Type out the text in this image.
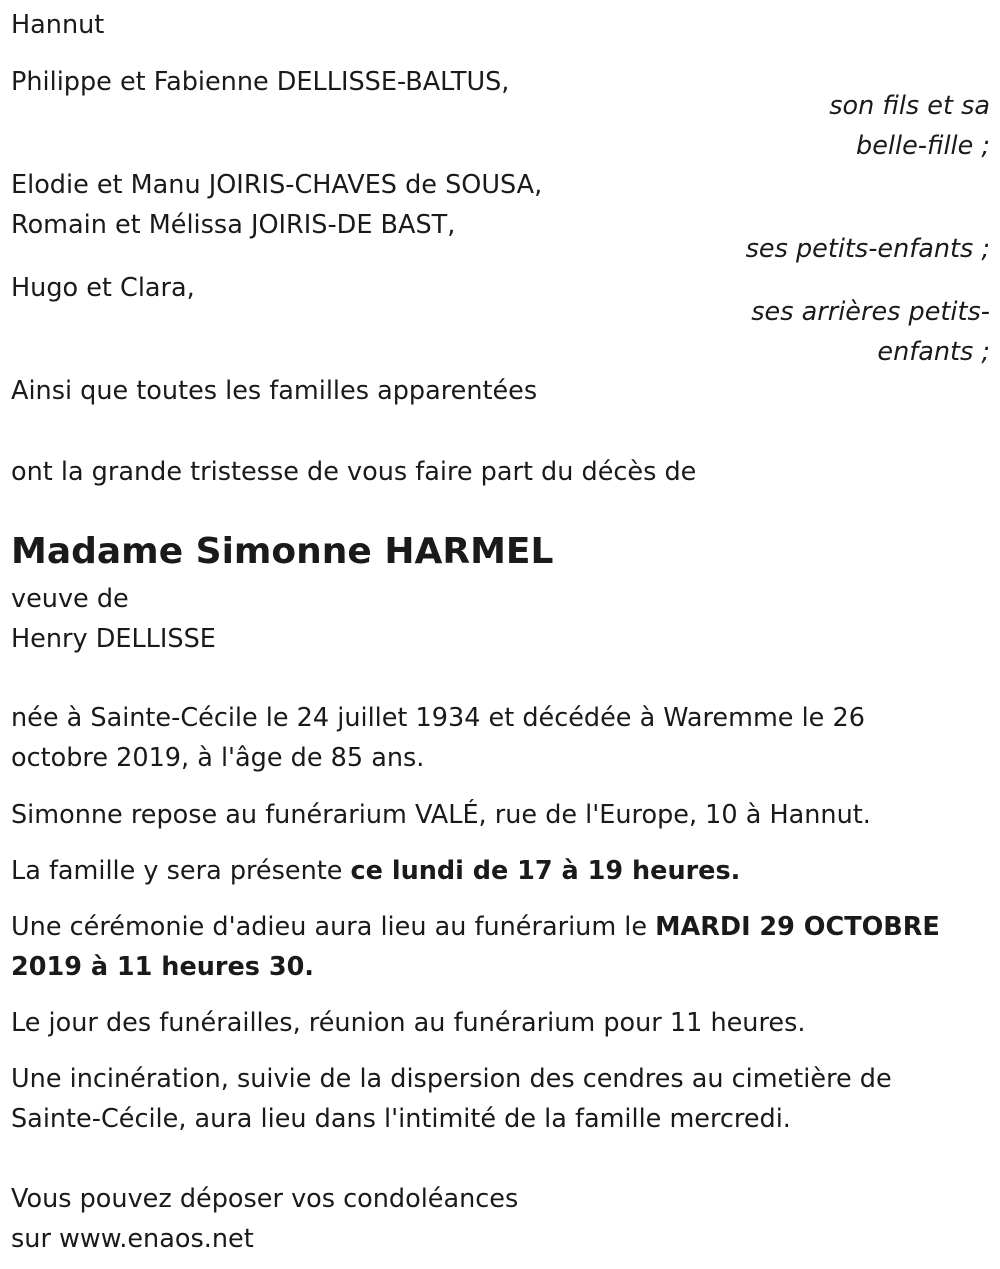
Hannut
Philippe et Fabienne DELLISSE-BALTUS,
son fils et sa
belle-fille ;
Elodie et Manu JOIRIS-CHAVES de SOUSA,
Romain et Mélissa JOIRIS-DE BAST,
ses petits-enfants ;
Hugo et Clara,
ses arrières petits-
enfants ;
Ainsi que toutes les familles apparentées
ont la grande tristesse de vous faire part du décès de
Madame Simonne HARMEL
veuve de
Henry DELLISSE
née à Sainte-Cécile le 24 juillet 1934 et décédée à Waremme le 26
octobre 2019, à l'âge de 85 ans.
Simonne repose au funérarium VALÉ, rue de l'Europe, 10 à Hannut.
La famille y sera présente ce lundi de 17 à 19 heures.
Une cérémonie d'adieu aura lieu au funérarium le MARDI 29 OCTOBRE
2019 à 11 heures 30.
Le jour des funérailles, réunion au funérarium pour 11 heures.
Une incinération, suivie de la dispersion des cendres au cimetière de
Sainte-Cécile, aura lieu dans l'intimité de la famille mercredi.
Vous pouvez déposer vos condoléances
sur www.enaos.net
